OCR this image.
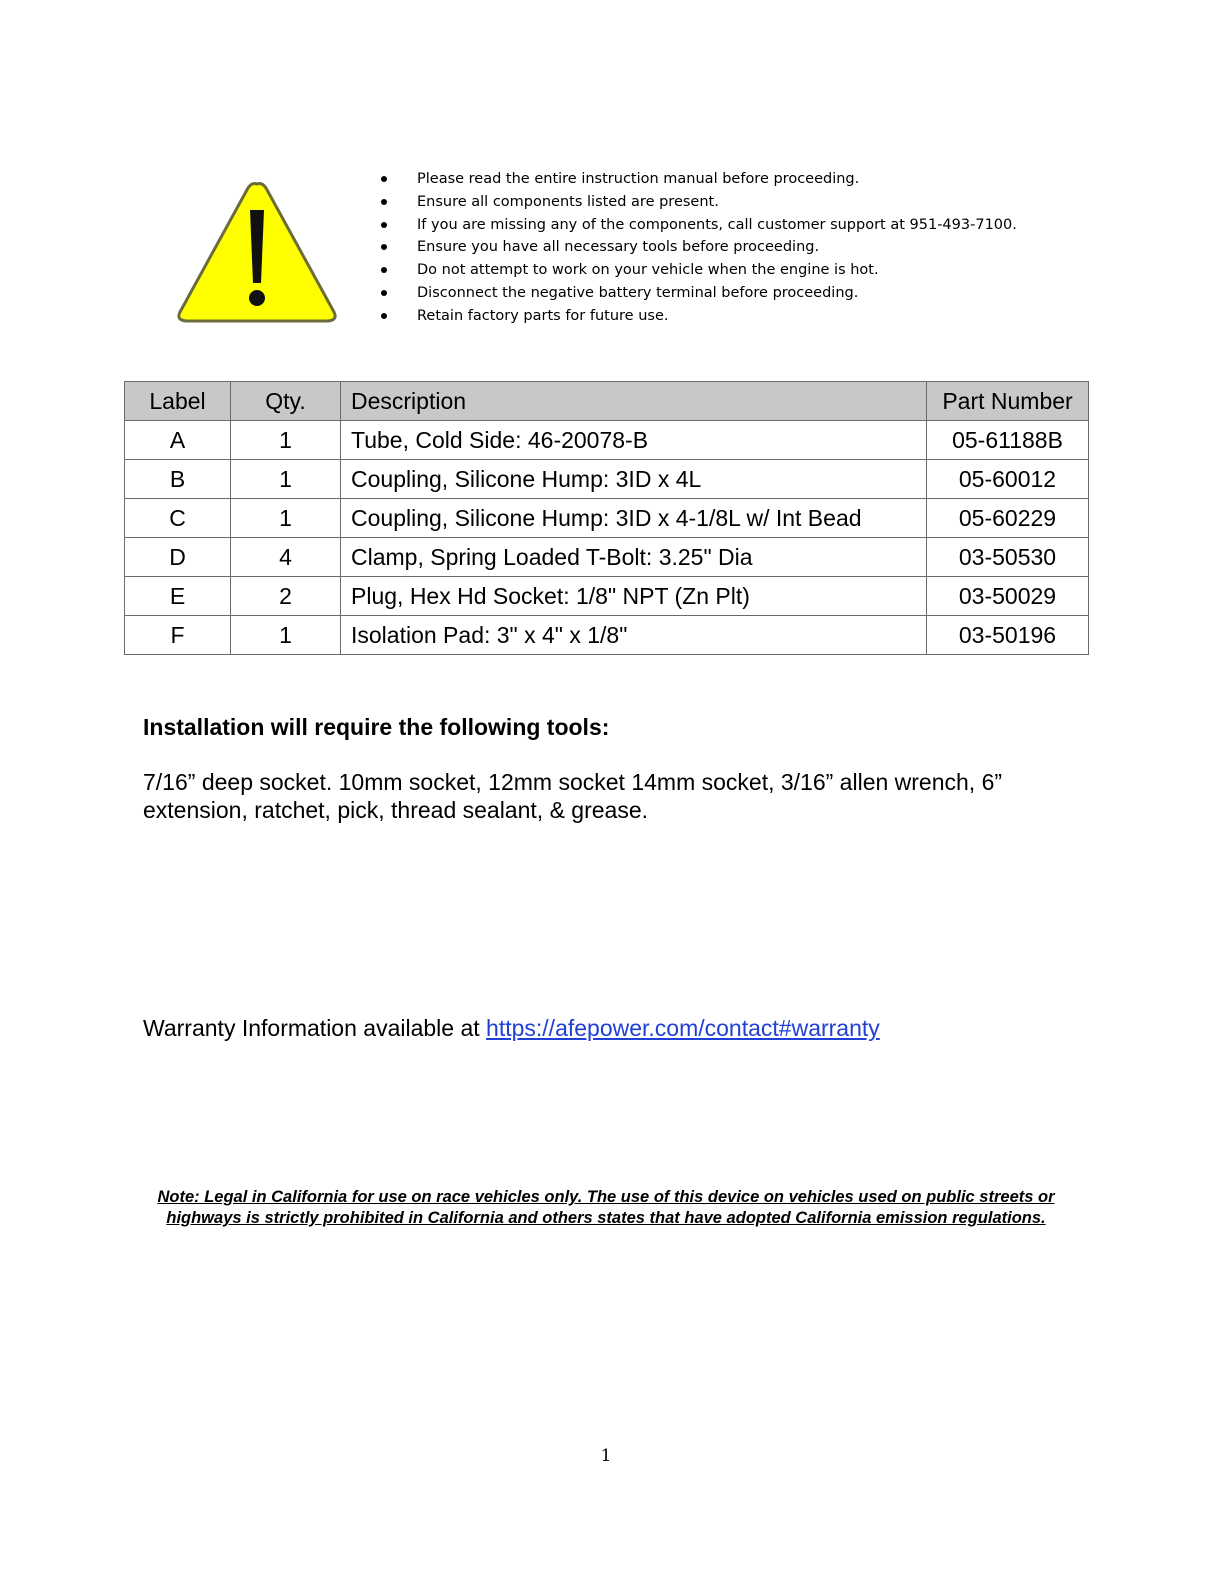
Please read the entire instruction manual before proceeding.
Ensure all components listed are present.
If you are missing any of the components, call customer support at 951-493-7100.
Ensure you have all necessary tools before proceeding.
Do not attempt to work on your vehicle when the engine is hot.
Disconnect the negative battery terminal before proceeding.
Retain factory parts for future use.
Label	Qty.	Description	Part Number
A	1	Tube, Cold Side: 46-20078-B	05-61188B
B	1	Coupling, Silicone Hump: 3ID x 4L	05-60012
C	1	Coupling, Silicone Hump: 3ID x 4-1/8L w/ Int Bead	05-60229
D	4	Clamp, Spring Loaded T-Bolt: 3.25" Dia	03-50530
E	2	Plug, Hex Hd Socket: 1/8" NPT (Zn Plt)	03-50029
F	1	Isolation Pad: 3" x 4" x 1/8"	03-50196
Installation will require the following tools:

7/16” deep socket. 10mm socket, 12mm socket 14mm socket, 3/16” allen wrench, 6” extension, ratchet, pick, thread sealant, & grease.

Warranty Information available at https://afepower.com/contact#warranty

Note: Legal in California for use on race vehicles only. The use of this device on vehicles used on public streets or highways is strictly prohibited in California and others states that have adopted California emission regulations.

1
